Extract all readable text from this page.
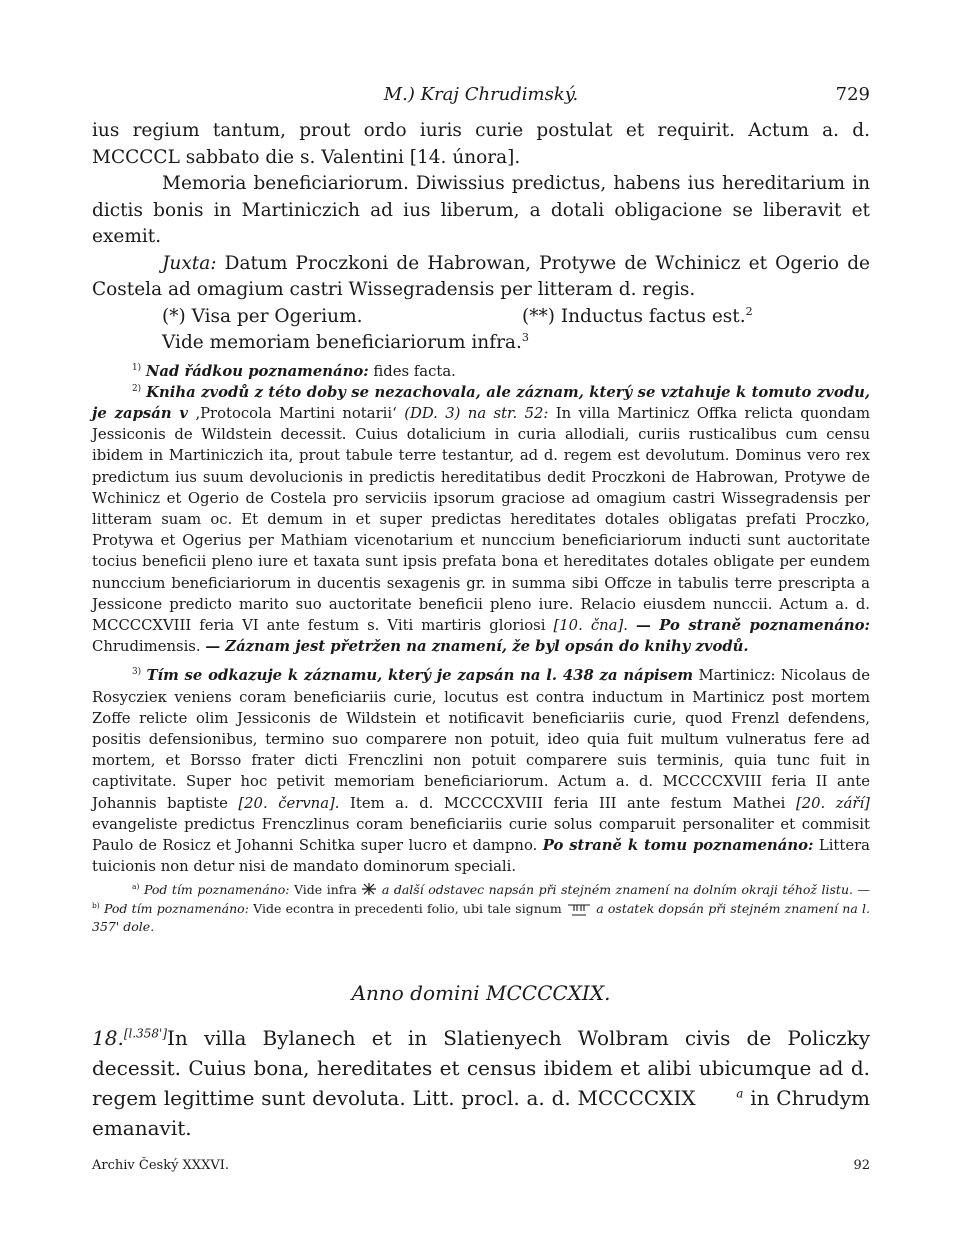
M.) Kraj Chrudimský.	729

ius regium tantum, prout ordo iuris curie postulat et requirit. Actum a. d. MCCCCL sabbato die s. Valentini [14. února].

Memoria beneficiariorum. Diwissius predictus, habens ius hereditarium in dictis bonis in Martiniczich ad ius liberum, a dotali obligacione se liberavit et exemit.

Juxta: Datum Proczkoni de Habrowan, Protywe de Wchinicz et Ogerio de Costela ad omagium castri Wissegradensis per litteram d. regis.

(*) Visa per Ogerium.	(**) Inductus factus est.$^2$

Vide memoriam beneficiariorum infra.$^3$

$^{1)}$ Nad řádkou poznamenáno: fides facta.

$^{2)}$ Kniha zvodů z této doby se nezachovala, ale záznam, který se vztahuje k tomuto zvodu, je zapsán v ‚Protocola Martini notarii‘ (DD. 3) na str. 52: In villa Martinicz Offka relicta quondam Jessiconis de Wildstein decessit. Cuius dotalicium in curia allodiali, curiis rusticalibus cum censu ibidem in Martiniczich ita, prout tabule terre testantur, ad d. regem est devolutum. Dominus vero rex predictum ius suum devolucionis in predictis hereditatibus dedit Proczkoni de Habrowan, Protywe de Wchinicz et Ogerio de Costela pro serviciis ipsorum graciose ad omagium castri Wissegradensis per litteram suam oc. Et demum in et super predictas hereditates dotales obligatas prefati Proczko, Protywa et Ogerius per Mathiam vicenotarium et nunccium beneficiariorum inducti sunt auctoritate tocius beneficii pleno iure et taxata sunt ipsis prefata bona et hereditates dotales obligate per eundem nunccium beneficiariorum in ducentis sexagenis gr. in summa sibi Offcze in tabulis terre prescripta a Jessicone predicto marito suo auctoritate beneficii pleno iure. Relacio eiusdem nunccii. Actum a. d. MCCCCXVIII feria VI ante festum s. Viti martiris gloriosi [10. čna]. — Po straně poznamenáno: Chrudimensis. — Záznam jest přetržen na znamení, že byl opsán do knihy zvodů.

$^{3)}$ Tím se odkazuje k záznamu, který je zapsán na l. 438 za nápisem Martinicz: Nicolaus de Rosyczieк veniens coram beneficiariis curie, locutus est contra inductum in Martinicz post mortem Zoffe relicte olim Jessiconis de Wildstein et notificavit beneficiariis curie, quod Frenzl defendens, positis defensionibus, termino suo comparere non potuit, ideo quia fuit multum vulneratus fere ad mortem, et Borsso frater dicti Frenczlini non potuit comparere suis terminis, quia tunc fuit in captivitate. Super hoc petivit memoriam beneficiariorum. Actum a. d. MCCCCXVIII feria II ante Johannis baptiste [20. června]. Item a. d. MCCCCXVIII feria III ante festum Mathei [20. září] evangeliste predictus Frenczlinus coram beneficiariis curie solus comparuit personaliter et commisit Paulo de Rosicz et Johanni Schitka super lucro et dampno. Po straně k tomu poznamenáno: Littera tuicionis non detur nisi de mandato dominorum speciali.

$^{a)}$ Pod tím poznamenáno: Vide infra a další odstavec napsán při stejném znamení na dolním okraji téhož listu. — $^{b)}$ Pod tím poznamenáno: Vide econtra in precedenti folio, ubi tale signum	a ostatek dopsán při stejném znamení na l. 357' dole.

Anno domini MCCCCXIX.

18.[l.358']In villa Bylanech et in Slatienyech Wolbram civis de Policzky decessit. Cuius bona, hereditates et census ibidem et alibi ubicumque ad d. regem legittime sunt devoluta. Litt. procl. a. d. MCCCCXIX	$^a$ in Chrudym emanavit.

Archiv Český XXXVI.	92
